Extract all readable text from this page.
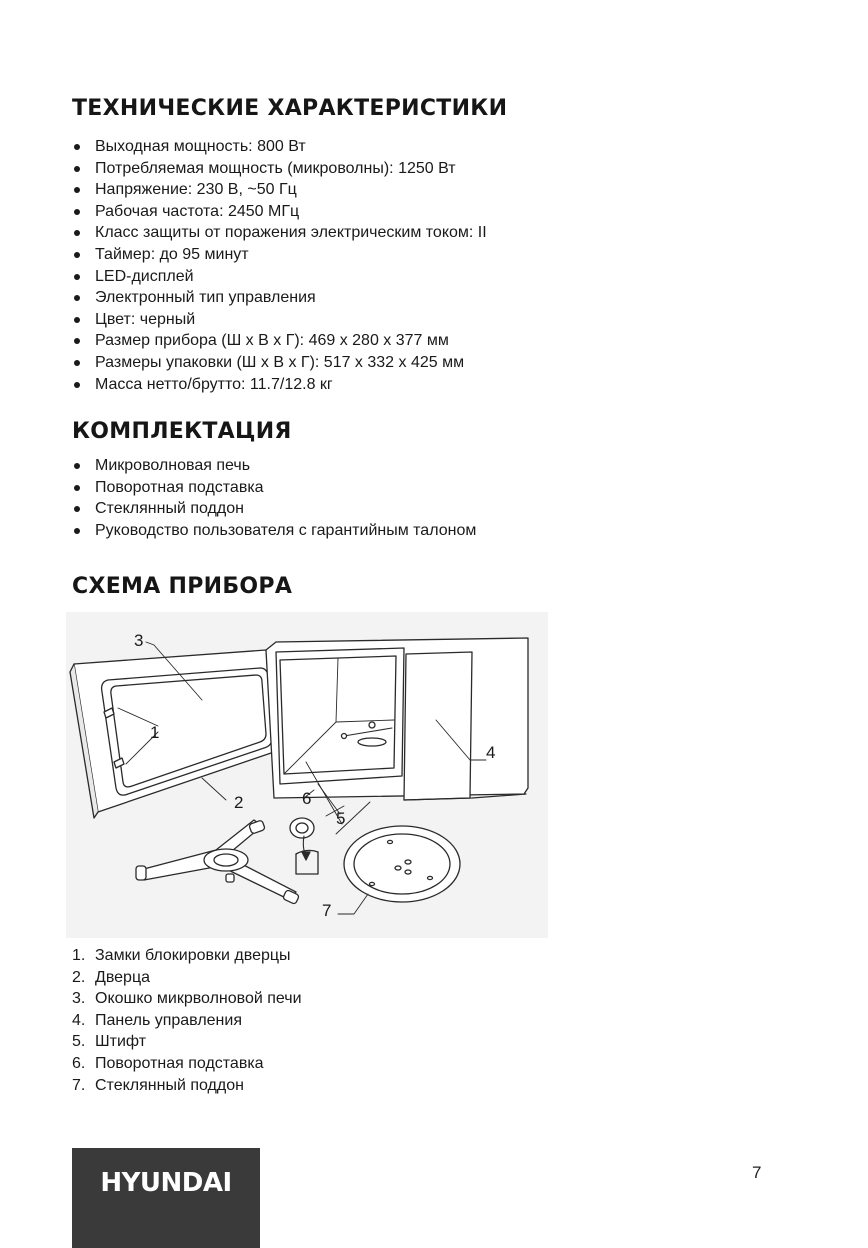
ТЕХНИЧЕСКИЕ ХАРАКТЕРИСТИКИ
Выходная мощность: 800 Вт
Потребляемая мощность (микроволны): 1250 Вт
Напряжение: 230 В, ~50 Гц
Рабочая частота: 2450 МГц
Класс защиты от поражения электрическим током: II
Таймер: до 95 минут
LED-дисплей
Электронный тип управления
Цвет: черный
Размер прибора (Ш х В х Г): 469 х 280 х 377 мм
Размеры упаковки (Ш х В х Г): 517 х 332 х 425 мм
Масса нетто/брутто: 11.7/12.8 кг
КОМПЛЕКТАЦИЯ
Микроволновая печь
Поворотная подставка
Стеклянный поддон
Руководство пользователя с гарантийным талоном
СХЕМА ПРИБОРА
3
1
2
4
5
6
7
1. Замки блокировки дверцы
2. Дверца
3. Окошко микрволновой печи
4. Панель управления
5. Штифт
6. Поворотная подставка
7. Стеклянный поддон
HYUNDAI	7
